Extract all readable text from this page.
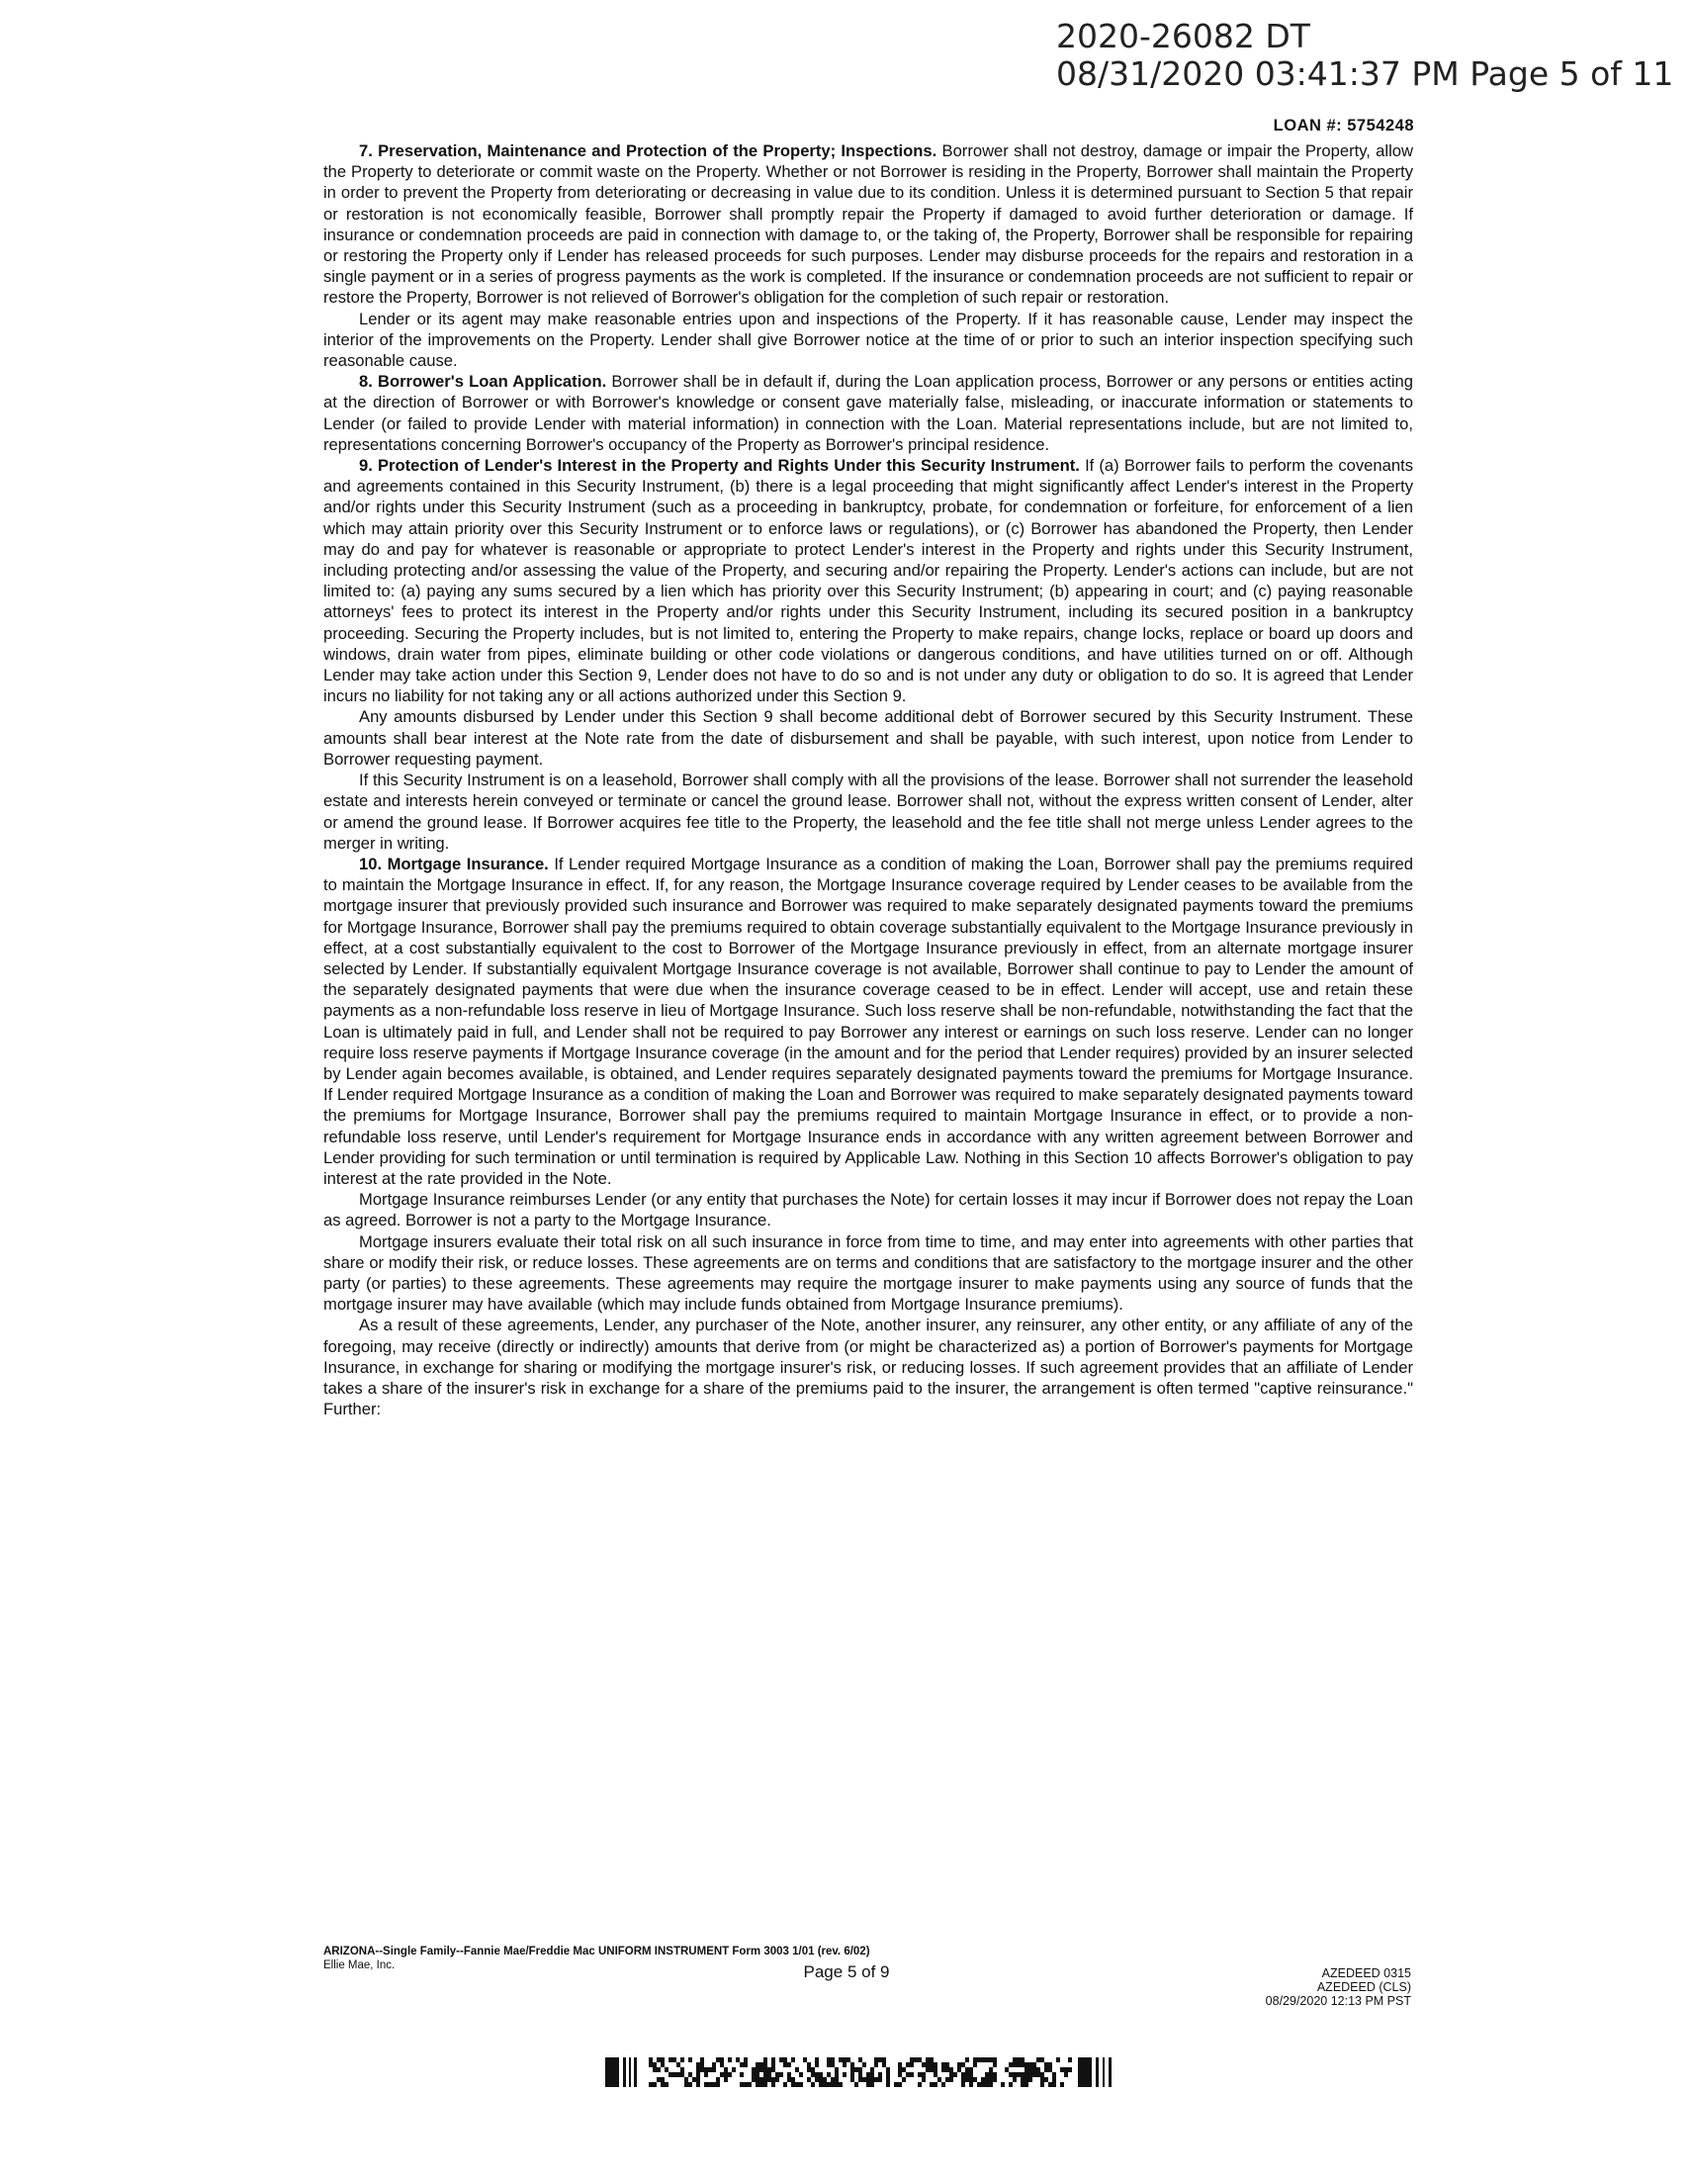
2020-26082 DT
08/31/2020 03:41:37 PM Page 5 of 11
LOAN #: 5754248

7. Preservation, Maintenance and Protection of the Property; Inspections. Borrower shall not destroy, damage or impair the Property, allow the Property to deteriorate or commit waste on the Property. Whether or not Borrower is residing in the Property, Borrower shall maintain the Property in order to prevent the Property from deteriorating or decreasing in value due to its condition. Unless it is determined pursuant to Section 5 that repair or restoration is not economically feasible, Borrower shall promptly repair the Property if damaged to avoid further deterioration or damage. If insurance or condemnation proceeds are paid in connection with damage to, or the taking of, the Property, Borrower shall be responsible for repairing or restoring the Property only if Lender has released proceeds for such purposes. Lender may disburse proceeds for the repairs and restoration in a single payment or in a series of progress payments as the work is completed. If the insurance or condemnation proceeds are not sufficient to repair or restore the Property, Borrower is not relieved of Borrower's obligation for the completion of such repair or restoration.

Lender or its agent may make reasonable entries upon and inspections of the Property. If it has reasonable cause, Lender may inspect the interior of the improvements on the Property. Lender shall give Borrower notice at the time of or prior to such an interior inspection specifying such reasonable cause.

8. Borrower's Loan Application. Borrower shall be in default if, during the Loan application process, Borrower or any persons or entities acting at the direction of Borrower or with Borrower's knowledge or consent gave materially false, misleading, or inaccurate information or statements to Lender (or failed to provide Lender with material information) in connection with the Loan. Material representations include, but are not limited to, representations concerning Borrower's occupancy of the Property as Borrower's principal residence.

9. Protection of Lender's Interest in the Property and Rights Under this Security Instrument. If (a) Borrower fails to perform the covenants and agreements contained in this Security Instrument, (b) there is a legal proceeding that might significantly affect Lender's interest in the Property and/or rights under this Security Instrument (such as a proceeding in bankruptcy, probate, for condemnation or forfeiture, for enforcement of a lien which may attain priority over this Security Instrument or to enforce laws or regulations), or (c) Borrower has abandoned the Property, then Lender may do and pay for whatever is reasonable or appropriate to protect Lender's interest in the Property and rights under this Security Instrument, including protecting and/or assessing the value of the Property, and securing and/or repairing the Property. Lender's actions can include, but are not limited to: (a) paying any sums secured by a lien which has priority over this Security Instrument; (b) appearing in court; and (c) paying reasonable attorneys' fees to protect its interest in the Property and/or rights under this Security Instrument, including its secured position in a bankruptcy proceeding. Securing the Property includes, but is not limited to, entering the Property to make repairs, change locks, replace or board up doors and windows, drain water from pipes, eliminate building or other code violations or dangerous conditions, and have utilities turned on or off. Although Lender may take action under this Section 9, Lender does not have to do so and is not under any duty or obligation to do so. It is agreed that Lender incurs no liability for not taking any or all actions authorized under this Section 9.

Any amounts disbursed by Lender under this Section 9 shall become additional debt of Borrower secured by this Security Instrument. These amounts shall bear interest at the Note rate from the date of disbursement and shall be payable, with such interest, upon notice from Lender to Borrower requesting payment.

If this Security Instrument is on a leasehold, Borrower shall comply with all the provisions of the lease. Borrower shall not surrender the leasehold estate and interests herein conveyed or terminate or cancel the ground lease. Borrower shall not, without the express written consent of Lender, alter or amend the ground lease. If Borrower acquires fee title to the Property, the leasehold and the fee title shall not merge unless Lender agrees to the merger in writing.

10. Mortgage Insurance. If Lender required Mortgage Insurance as a condition of making the Loan, Borrower shall pay the premiums required to maintain the Mortgage Insurance in effect. If, for any reason, the Mortgage Insurance coverage required by Lender ceases to be available from the mortgage insurer that previously provided such insurance and Borrower was required to make separately designated payments toward the premiums for Mortgage Insurance, Borrower shall pay the premiums required to obtain coverage substantially equivalent to the Mortgage Insurance previously in effect, at a cost substantially equivalent to the cost to Borrower of the Mortgage Insurance previously in effect, from an alternate mortgage insurer selected by Lender. If substantially equivalent Mortgage Insurance coverage is not available, Borrower shall continue to pay to Lender the amount of the separately designated payments that were due when the insurance coverage ceased to be in effect. Lender will accept, use and retain these payments as a non-refundable loss reserve in lieu of Mortgage Insurance. Such loss reserve shall be non-refundable, notwithstanding the fact that the Loan is ultimately paid in full, and Lender shall not be required to pay Borrower any interest or earnings on such loss reserve. Lender can no longer require loss reserve payments if Mortgage Insurance coverage (in the amount and for the period that Lender requires) provided by an insurer selected by Lender again becomes available, is obtained, and Lender requires separately designated payments toward the premiums for Mortgage Insurance. If Lender required Mortgage Insurance as a condition of making the Loan and Borrower was required to make separately designated payments toward the premiums for Mortgage Insurance, Borrower shall pay the premiums required to maintain Mortgage Insurance in effect, or to provide a non-refundable loss reserve, until Lender's requirement for Mortgage Insurance ends in accordance with any written agreement between Borrower and Lender providing for such termination or until termination is required by Applicable Law. Nothing in this Section 10 affects Borrower's obligation to pay interest at the rate provided in the Note.

Mortgage Insurance reimburses Lender (or any entity that purchases the Note) for certain losses it may incur if Borrower does not repay the Loan as agreed. Borrower is not a party to the Mortgage Insurance.

Mortgage insurers evaluate their total risk on all such insurance in force from time to time, and may enter into agreements with other parties that share or modify their risk, or reduce losses. These agreements are on terms and conditions that are satisfactory to the mortgage insurer and the other party (or parties) to these agreements. These agreements may require the mortgage insurer to make payments using any source of funds that the mortgage insurer may have available (which may include funds obtained from Mortgage Insurance premiums).

As a result of these agreements, Lender, any purchaser of the Note, another insurer, any reinsurer, any other entity, or any affiliate of any of the foregoing, may receive (directly or indirectly) amounts that derive from (or might be characterized as) a portion of Borrower's payments for Mortgage Insurance, in exchange for sharing or modifying the mortgage insurer's risk, or reducing losses. If such agreement provides that an affiliate of Lender takes a share of the insurer's risk in exchange for a share of the premiums paid to the insurer, the arrangement is often termed "captive reinsurance." Further:

ARIZONA--Single Family--Fannie Mae/Freddie Mac UNIFORM INSTRUMENT Form 3003 1/01 (rev. 6/02)
Ellie Mae, Inc.	Page 5 of 9	AZEDEED 0315
AZEDEED (CLS)
08/29/2020 12:13 PM PST
